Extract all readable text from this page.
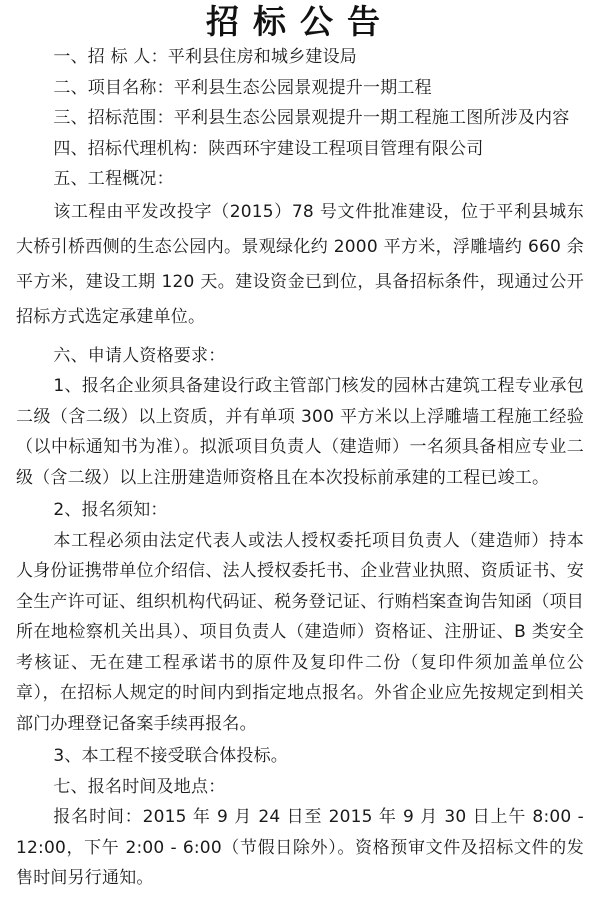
招标公告

一、招 标 人：平利县住房和城乡建设局

二、项目名称：平利县生态公园景观提升一期工程

三、招标范围：平利县生态公园景观提升一期工程施工图所涉及内容

四、招标代理机构：陕西环宇建设工程项目管理有限公司

五、工程概况：

该工程由平发改投字（2015）78 号文件批准建设，位于平利县城东大桥引桥西侧的生态公园内。景观绿化约 2000 平方米，浮雕墙约 660 余平方米，建设工期 120 天。建设资金已到位，具备招标条件，现通过公开招标方式选定承建单位。

六、申请人资格要求：

1、报名企业须具备建设行政主管部门核发的园林古建筑工程专业承包二级（含二级）以上资质，并有单项 300 平方米以上浮雕墙工程施工经验（以中标通知书为准）。拟派项目负责人（建造师）一名须具备相应专业二级（含二级）以上注册建造师资格且在本次投标前承建的工程已竣工。

2、报名须知：

本工程必须由法定代表人或法人授权委托项目负责人（建造师）持本人身份证携带单位介绍信、法人授权委托书、企业营业执照、资质证书、安全生产许可证、组织机构代码证、税务登记证、行贿档案查询告知函（项目所在地检察机关出具）、项目负责人（建造师）资格证、注册证、B 类安全考核证、无在建工程承诺书的原件及复印件二份（复印件须加盖单位公章），在招标人规定的时间内到指定地点报名。外省企业应先按规定到相关部门办理登记备案手续再报名。

3、本工程不接受联合体投标。

七、报名时间及地点：

报名时间：2015 年 9 月 24 日至 2015 年 9 月 30 日上午 8:00 - 12:00，下午 2:00 - 6:00（节假日除外）。资格预审文件及招标文件的发售时间另行通知。
